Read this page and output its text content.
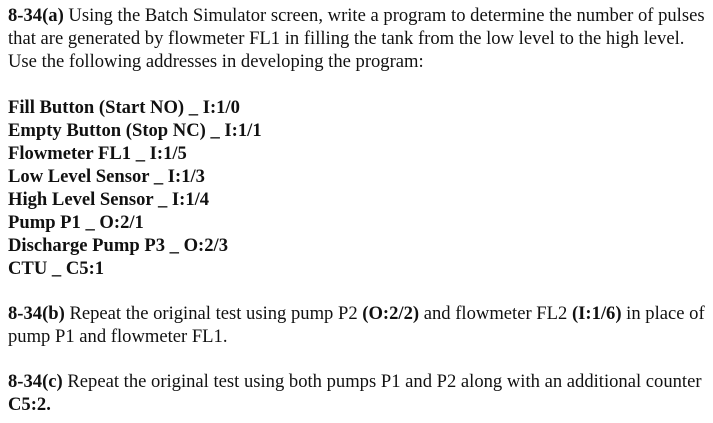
8-34(a) Using the Batch Simulator screen, write a program to determine the number of pulses that are generated by flowmeter FL1 in filling the tank from the low level to the high level. Use the following addresses in developing the program:

Fill Button (Start NO) _ I:1/0
Empty Button (Stop NC) _ I:1/1
Flowmeter FL1 _ I:1/5
Low Level Sensor _ I:1/3
High Level Sensor _ I:1/4
Pump P1 _ O:2/1
Discharge Pump P3 _ O:2/3
CTU _ C5:1

8-34(b) Repeat the original test using pump P2 (O:2/2) and flowmeter FL2 (I:1/6) in place of pump P1 and flowmeter FL1.

8-34(c) Repeat the original test using both pumps P1 and P2 along with an additional counter C5:2.
